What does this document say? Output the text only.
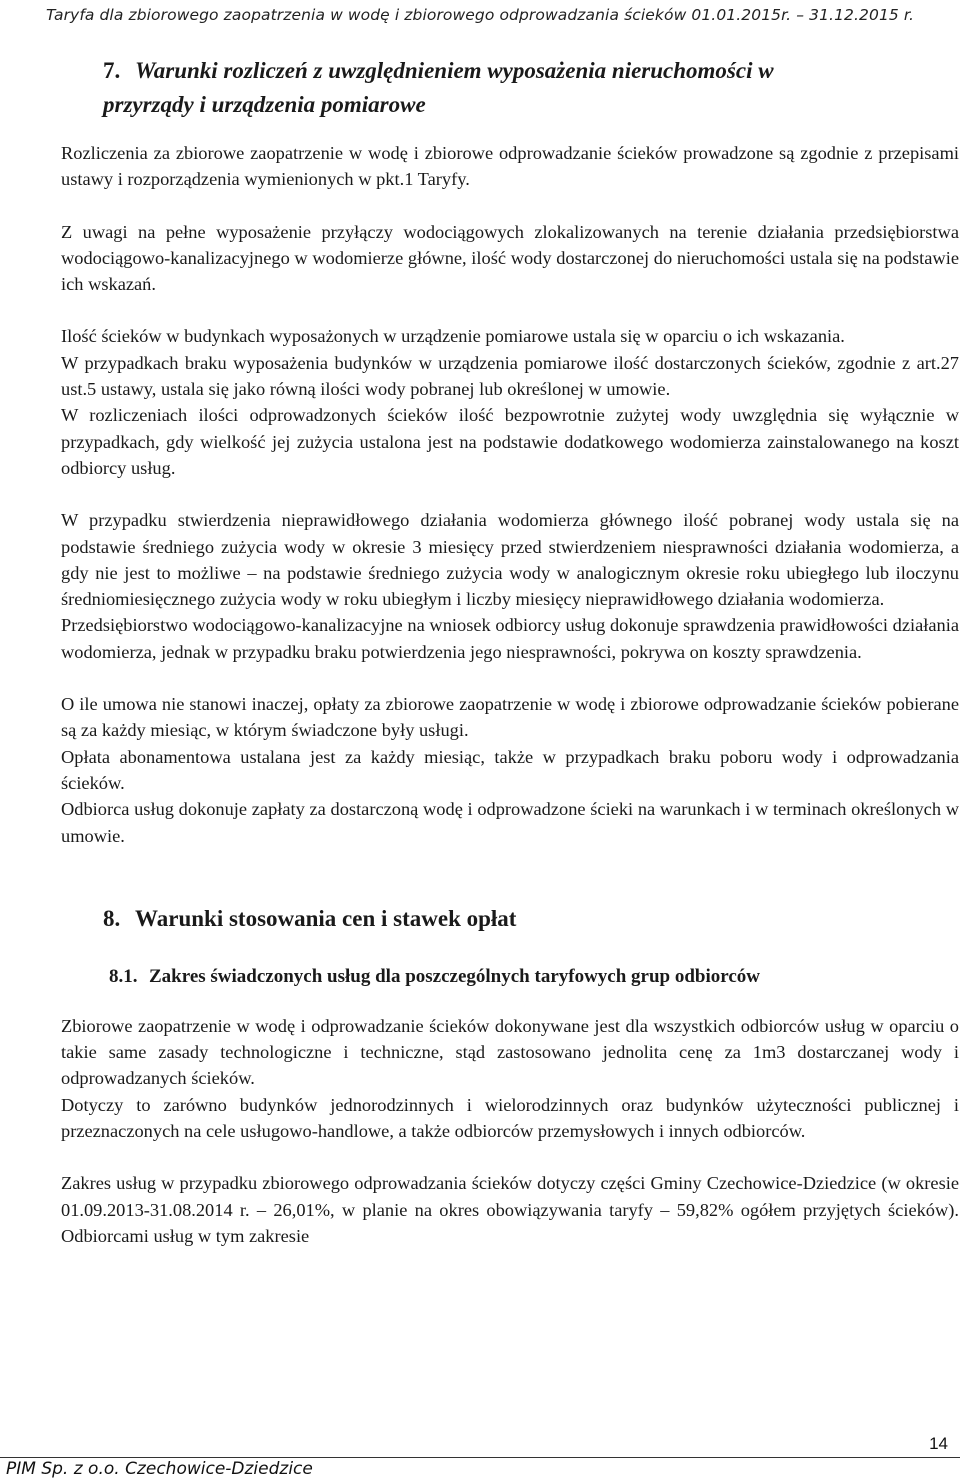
Taryfa dla zbiorowego zaopatrzenia w wodę i zbiorowego odprowadzania ścieków 01.01.2015r. – 31.12.2015 r.
7. Warunki rozliczeń z uwzględnieniem wyposażenia nieruchomości w
przyrządy i urządzenia pomiarowe

Rozliczenia za zbiorowe zaopatrzenie w wodę i zbiorowe odprowadzanie ścieków prowadzone są zgodnie z przepisami ustawy i rozporządzenia wymienionych w pkt.1 Taryfy.

Z uwagi na pełne wyposażenie przyłączy wodociągowych zlokalizowanych na terenie działania przedsiębiorstwa wodociągowo-kanalizacyjnego w wodomierze główne, ilość wody dostarczonej do nieruchomości ustala się na podstawie ich wskazań.

Ilość ścieków w budynkach wyposażonych w urządzenie pomiarowe ustala się w oparciu o ich wskazania.

W przypadkach braku wyposażenia budynków w urządzenia pomiarowe ilość dostarczonych ścieków, zgodnie z art.27 ust.5 ustawy, ustala się jako równą ilości wody pobranej lub określonej w umowie.

W rozliczeniach ilości odprowadzonych ścieków ilość bezpowrotnie zużytej wody uwzględnia się wyłącznie w przypadkach, gdy wielkość jej zużycia ustalona jest na podstawie dodatkowego wodomierza zainstalowanego na koszt odbiorcy usług.

W przypadku stwierdzenia nieprawidłowego działania wodomierza głównego ilość pobranej wody ustala się na podstawie średniego zużycia wody w okresie 3 miesięcy przed stwierdzeniem niesprawności działania wodomierza, a gdy nie jest to możliwe – na podstawie średniego zużycia wody w analogicznym okresie roku ubiegłego lub iloczynu średniomiesięcznego zużycia wody w roku ubiegłym i liczby miesięcy nieprawidłowego działania wodomierza.

Przedsiębiorstwo wodociągowo-kanalizacyjne na wniosek odbiorcy usług dokonuje sprawdzenia prawidłowości działania wodomierza, jednak w przypadku braku potwierdzenia jego niesprawności, pokrywa on koszty sprawdzenia.

O ile umowa nie stanowi inaczej, opłaty za zbiorowe zaopatrzenie w wodę i zbiorowe odprowadzanie ścieków pobierane są za każdy miesiąc, w którym świadczone były usługi.

Opłata abonamentowa ustalana jest za każdy miesiąc, także w przypadkach braku poboru wody i odprowadzania ścieków.

Odbiorca usług dokonuje zapłaty za dostarczoną wodę i odprowadzone ścieki na warunkach i w terminach określonych w umowie.

8. Warunki stosowania cen i stawek opłat
8.1. Zakres świadczonych usług dla poszczególnych taryfowych grup odbiorców

Zbiorowe zaopatrzenie w wodę i odprowadzanie ścieków dokonywane jest dla wszystkich odbiorców usług w oparciu o takie same zasady technologiczne i techniczne, stąd zastosowano jednolita cenę za 1m3 dostarczanej wody i odprowadzanych ścieków.

Dotyczy to zarówno budynków jednorodzinnych i wielorodzinnych oraz budynków użyteczności publicznej i przeznaczonych na cele usługowo-handlowe, a także odbiorców przemysłowych i innych odbiorców.

Zakres usług w przypadku zbiorowego odprowadzania ścieków dotyczy części Gminy Czechowice-Dziedzice (w okresie 01.09.2013-31.08.2014 r. – 26,01%, w planie na okres obowiązywania taryfy – 59,82% ogółem przyjętych ścieków). Odbiorcami usług w tym zakresie

14
PIM Sp. z o.o. Czechowice-Dziedzice
